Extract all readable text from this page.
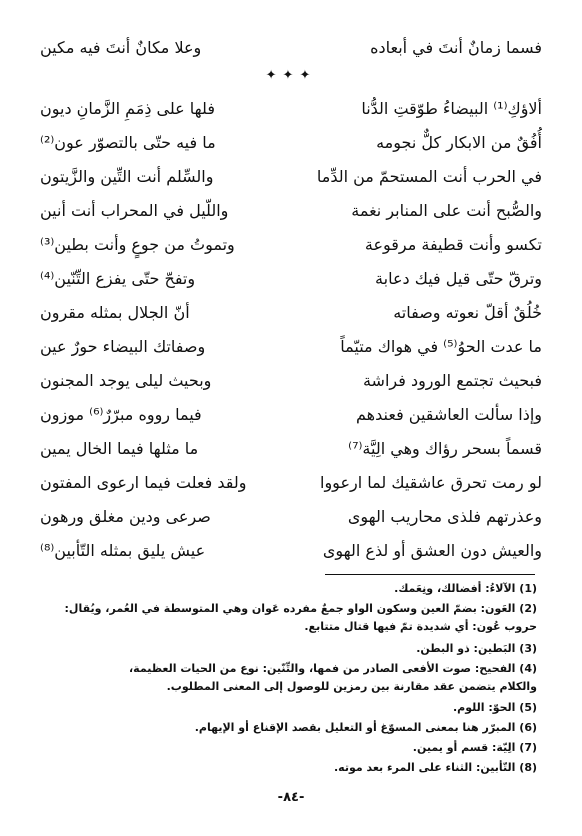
فسما زمانٌ أنتَ في أبعاده
وعلا مكانٌ أنتَ فيه مكين
✦✦✦
ألاؤكِ⁽¹⁾ البيضاءُ طوّقتِ الدُّنا
فلها على ذِمَمِ الزَّمانِ ديون
أُفُقٌ من الابكار كلٌّ نجومه
ما فيه حتّى بالتصوّر عون⁽²⁾
في الحرب أنت المستحمّ من الدِّما
والسِّلم أنت التِّين والزَّيتون
والصُّبح أنت على المنابر نغمة
واللّيل في المحراب أنت أنين
تكسو وأنت قطيفة مرقوعة
وتموتُ من جوعٍ وأنت بطين⁽³⁾
وترقّ حتّى قيل فيك دعابة
وتفحّ حتّى يفزع التِّنّين⁽⁴⁾
خُلُقٌ أقلّ نعوته وصفاته
أنّ الجلال بمثله مقرون
ما عدت الحوُ⁽⁵⁾ في هواك متيّماً
وصفاتك البيضاء حورٌ عين
فبحيث تجتمع الورود فراشة
وبحيث ليلى يوجد المجنون
وإذا سألت العاشقين فعندهم
فيما رووه مبرّرٌ⁽⁶⁾ موزون
قسماً بسحر رؤاك وهي الِيَّة⁽⁷⁾
ما مثلها فيما الخال يمين
لو رمت تحرق عاشقيك لما ارعووا
ولقد فعلت فيما ارعوى المفتون
وعذرتهم فلذى محاريب الهوى
صرعى ودين مغلق ورهون
والعيش دون العشق أو لذع الهوى
عيش يليق بمثله التّأبين⁽⁸⁾
(1) الآلاءُ: أفضالك، ونِعَمك.
(2) العَون: بضمّ العين وسكون الواو جمعٌ مفرده عَوان وهي المتوسطة في العُمر، ويُقال:
حروب عُون: أي شديدة تمّ فيها قتال متتابع.
(3) البَطين: ذو البطن.
(4) الفحيح: صوت الأفعى الصادر من فمها، والتِّنّين: نوع من الحيات العظيمة،
والكلام يتضمن عقد مقارنة بين رمزين للوصول إلى المعنى المطلوب.
(5) الحوّ: اللوم.
(6) المبرّر هنا بمعنى المسوّغ أو التعليل بقصد الإقناع أو الإيهام.
(7) الِيّة: قسم أو يمين.
(8) التّأبين: الثناء على المرء بعد موته.
-٨٤-
